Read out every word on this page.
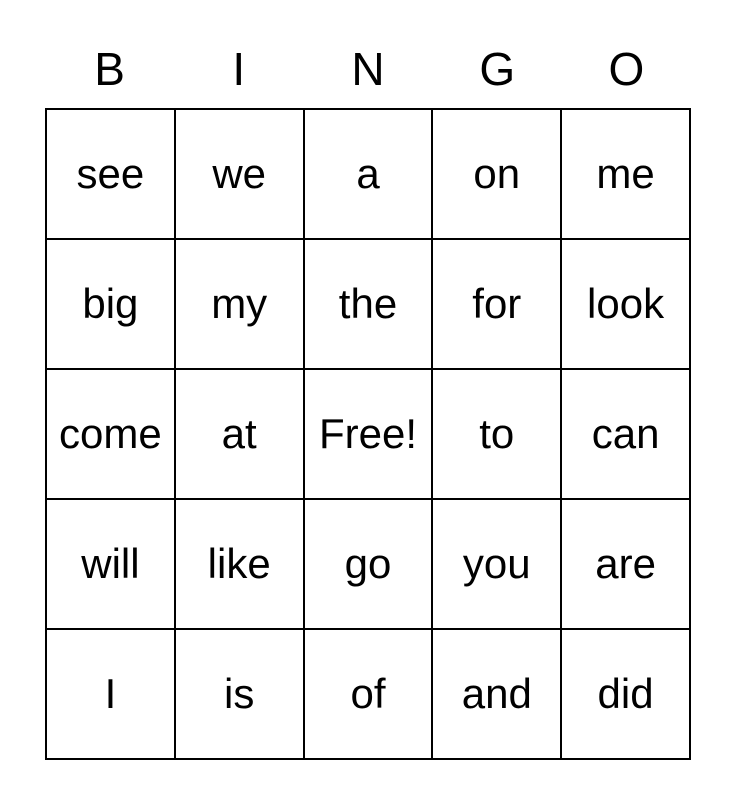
B	I	N	G	O
see we a on me
big my the for look
come at Free! to can
will like go you are
I	is of and did
